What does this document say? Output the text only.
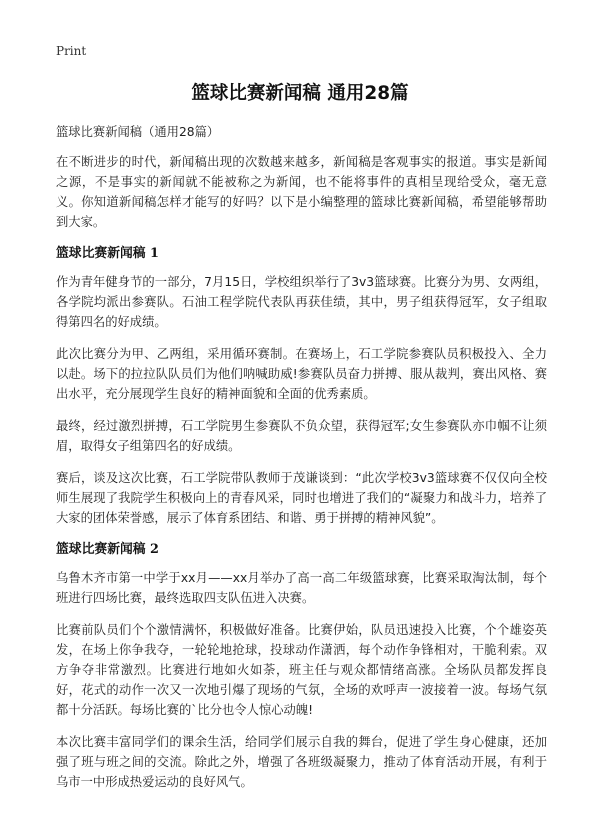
Print
篮球比赛新闻稿 通用28篇

篮球比赛新闻稿（通用28篇）

在不断进步的时代，新闻稿出现的次数越来越多，新闻稿是客观事实的报道。事实是新闻之源，不是事实的新闻就不能被称之为新闻，也不能将事件的真相呈现给受众，毫无意义。你知道新闻稿怎样才能写的好吗？以下是小编整理的篮球比赛新闻稿，希望能够帮助到大家。

篮球比赛新闻稿 1

作为青年健身节的一部分，7月15日，学校组织举行了3v3篮球赛。比赛分为男、女两组，各学院均派出参赛队。石油工程学院代表队再获佳绩，其中，男子组获得冠军，女子组取得第四名的好成绩。

此次比赛分为甲、乙两组，采用循环赛制。在赛场上，石工学院参赛队员积极投入、全力以赴。场下的拉拉队队员们为他们呐喊助威!参赛队员奋力拼搏、服从裁判，赛出风格、赛出水平，充分展现学生良好的精神面貌和全面的优秀素质。

最终，经过激烈拼搏，石工学院男生参赛队不负众望，获得冠军;女生参赛队亦巾帼不让须眉，取得女子组第四名的好成绩。

赛后，谈及这次比赛，石工学院带队教师于茂谦谈到：“此次学校3v3篮球赛不仅仅向全校师生展现了我院学生积极向上的青春风采，同时也增进了我们的“凝聚力和战斗力，培养了大家的团体荣誉感，展示了体育系团结、和谐、勇于拼搏的精神风貌”。

篮球比赛新闻稿 2

乌鲁木齐市第一中学于xx月——xx月举办了高一高二年级篮球赛，比赛采取淘汰制，每个班进行四场比赛，最终选取四支队伍进入决赛。

比赛前队员们个个激情满怀，积极做好准备。比赛伊始，队员迅速投入比赛，个个雄姿英发，在场上你争我夺，一轮轮地抢球，投球动作潇洒，每个动作争锋相对，干脆利索。双方争夺非常激烈。比赛进行地如火如荼，班主任与观众都情绪高涨。全场队员都发挥良好，花式的动作一次又一次地引爆了现场的气氛，全场的欢呼声一波接着一波。每场气氛都十分活跃。每场比赛的`比分也令人惊心动魄!

本次比赛丰富同学们的课余生活，给同学们展示自我的舞台，促进了学生身心健康，还加强了班与班之间的交流。除此之外，增强了各班级凝聚力，推动了体育活动开展，有利于乌市一中形成热爱运动的良好风气。
